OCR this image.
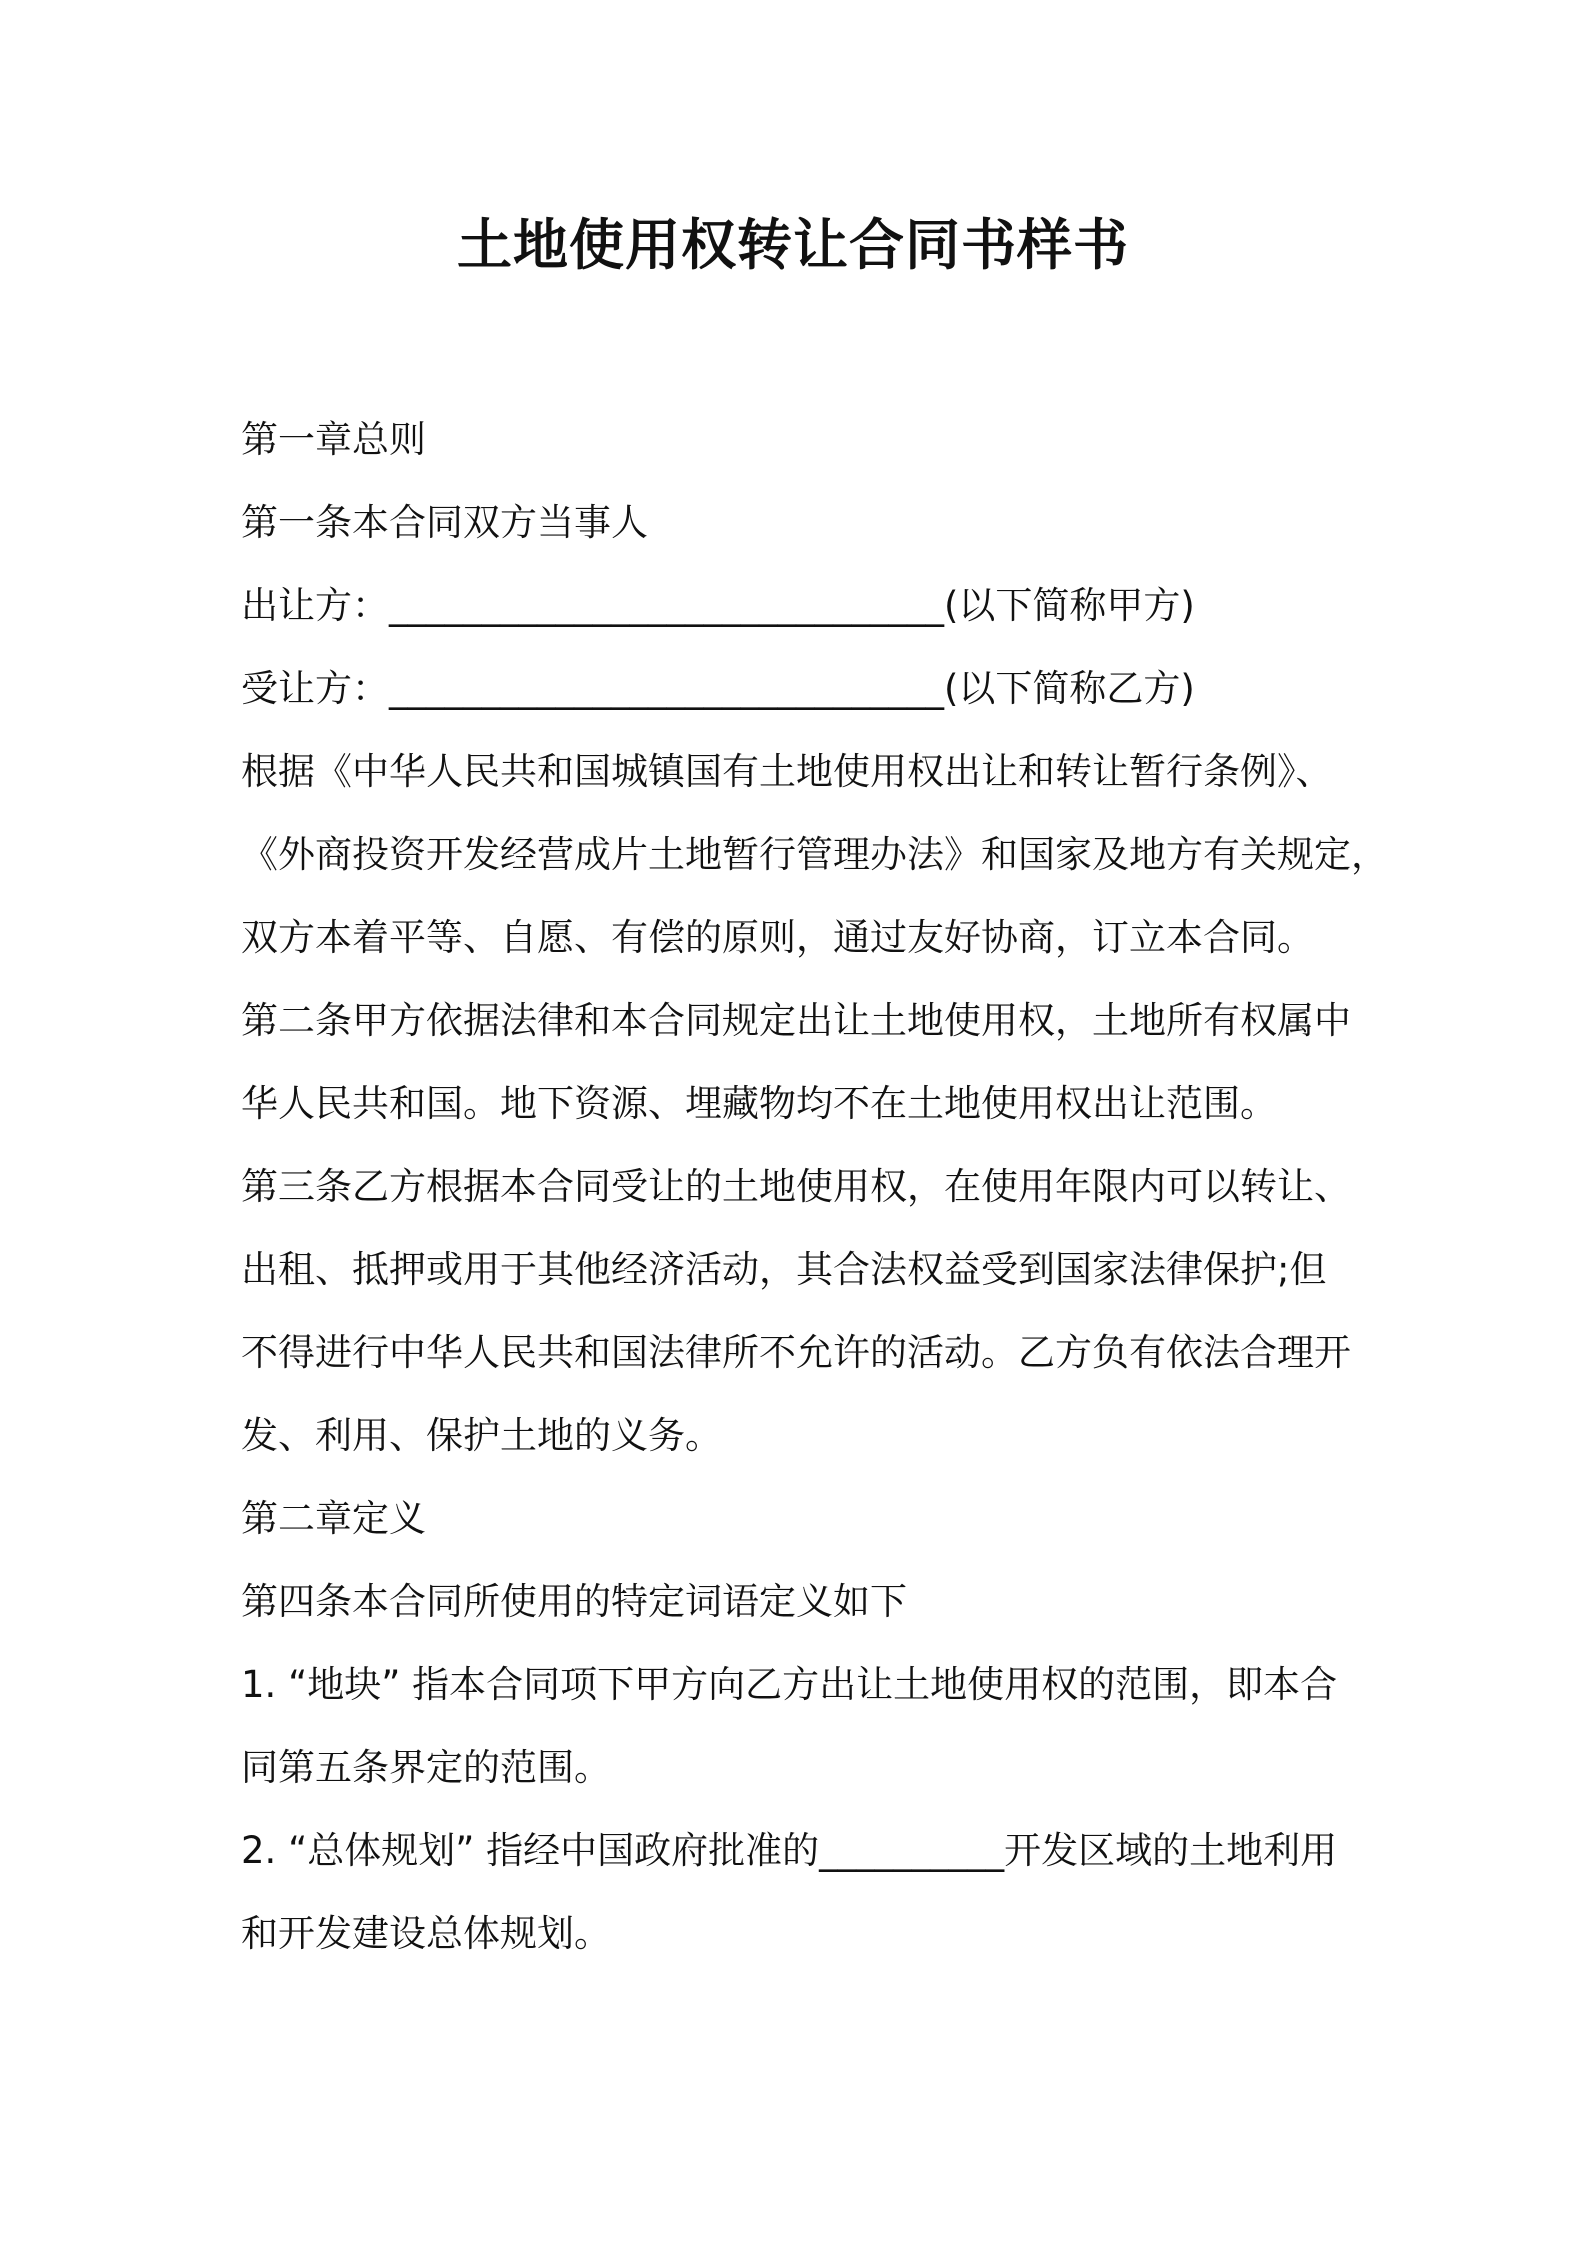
土地使用权转让合同书样书

第一章总则

第一条本合同双方当事人

出让方：______________________________(以下简称甲方)

受让方：______________________________(以下简称乙方)

根据《中华人民共和国城镇国有土地使用权出让和转让暂行条例》、

《外商投资开发经营成片土地暂行管理办法》和国家及地方有关规定，

双方本着平等、自愿、有偿的原则，通过友好协商，订立本合同。

第二条甲方依据法律和本合同规定出让土地使用权，土地所有权属中

华人民共和国。地下资源、埋藏物均不在土地使用权出让范围。

第三条乙方根据本合同受让的土地使用权，在使用年限内可以转让、

出租、抵押或用于其他经济活动，其合法权益受到国家法律保护;但

不得进行中华人民共和国法律所不允许的活动。乙方负有依法合理开

发、利用、保护土地的义务。

第二章定义

第四条本合同所使用的特定词语定义如下

1. “地块” 指本合同项下甲方向乙方出让土地使用权的范围，即本合

同第五条界定的范围。

2. “总体规划” 指经中国政府批准的__________开发区域的土地利用

和开发建设总体规划。
